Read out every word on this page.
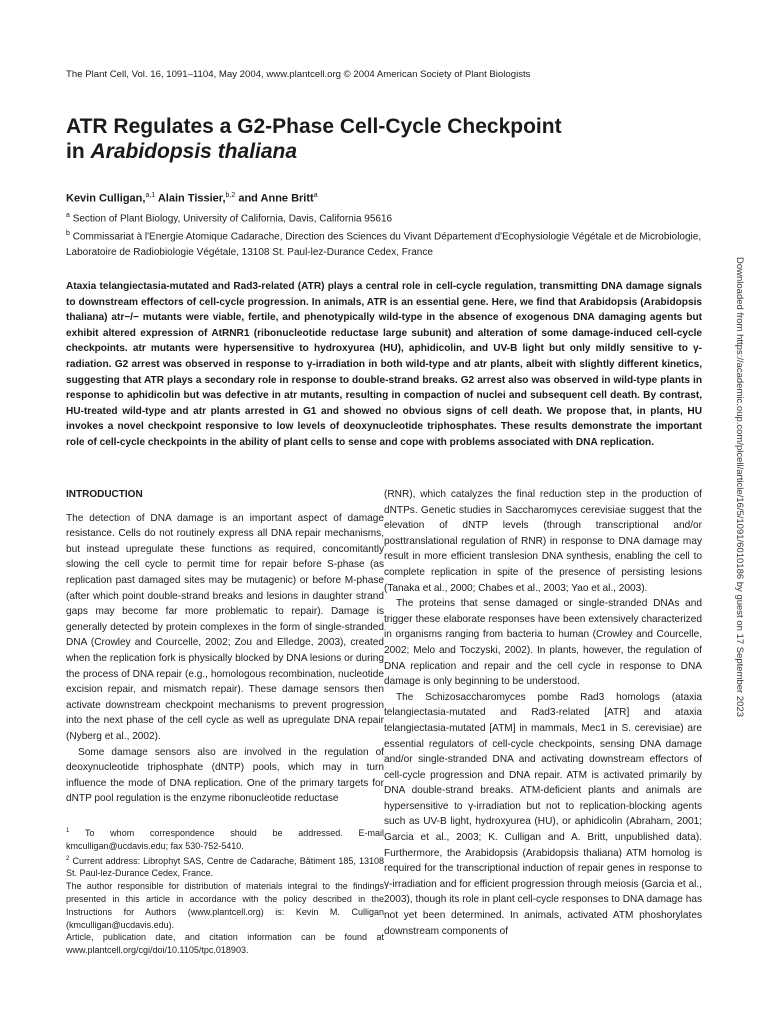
The Plant Cell, Vol. 16, 1091–1104, May 2004, www.plantcell.org © 2004 American Society of Plant Biologists
ATR Regulates a G2-Phase Cell-Cycle Checkpoint
in Arabidopsis thaliana
Kevin Culligan,$^{a,1}$ Alain Tissier,$^{b,2}$ and Anne Britt$^a$
$^a$ Section of Plant Biology, University of California, Davis, California 95616
$^b$ Commissariat à l'Energie Atomique Cadarache, Direction des Sciences du Vivant Département d'Ecophysiologie Végétale et de Microbiologie, Laboratoire de Radiobiologie Végétale, 13108 St. Paul-lez-Durance Cedex, France

Ataxia telangiectasia-mutated and Rad3-related (ATR) plays a central role in cell-cycle regulation, transmitting DNA damage signals to downstream effectors of cell-cycle progression. In animals, ATR is an essential gene. Here, we find that Arabidopsis (Arabidopsis thaliana) atr−/− mutants were viable, fertile, and phenotypically wild-type in the absence of exogenous DNA damaging agents but exhibit altered expression of AtRNR1 (ribonucleotide reductase large subunit) and alteration of some damage-induced cell-cycle checkpoints. atr mutants were hypersensitive to hydroxyurea (HU), aphidicolin, and UV-B light but only mildly sensitive to γ-radiation. G2 arrest was observed in response to γ-irradiation in both wild-type and atr plants, albeit with slightly different kinetics, suggesting that ATR plays a secondary role in response to double-strand breaks. G2 arrest also was observed in wild-type plants in response to aphidicolin but was defective in atr mutants, resulting in compaction of nuclei and subsequent cell death. By contrast, HU-treated wild-type and atr plants arrested in G1 and showed no obvious signs of cell death. We propose that, in plants, HU invokes a novel checkpoint responsive to low levels of deoxynucleotide triphosphates. These results demonstrate the important role of cell-cycle checkpoints in the ability of plant cells to sense and cope with problems associated with DNA replication.

INTRODUCTION

The detection of DNA damage is an important aspect of damage resistance. Cells do not routinely express all DNA repair mechanisms, but instead upregulate these functions as required, concomitantly slowing the cell cycle to permit time for repair before S-phase (as replication past damaged sites may be mutagenic) or before M-phase (after which point double-strand breaks and lesions in daughter strand gaps may become far more problematic to repair). Damage is generally detected by protein complexes in the form of single-stranded DNA (Crowley and Courcelle, 2002; Zou and Elledge, 2003), created when the replication fork is physically blocked by DNA lesions or during the process of DNA repair (e.g., homologous recombination, nucleotide excision repair, and mismatch repair). These damage sensors then activate downstream checkpoint mechanisms to prevent progression into the next phase of the cell cycle as well as upregulate DNA repair (Nyberg et al., 2002).

Some damage sensors also are involved in the regulation of deoxynucleotide triphosphate (dNTP) pools, which may in turn influence the mode of DNA replication. One of the primary targets for dNTP pool regulation is the enzyme ribonucleotide reductase

$^1$ To whom correspondence should be addressed. E-mail kmculligan@ucdavis.edu; fax 530-752-5410.

$^2$ Current address: Librophyt SAS, Centre de Cadarache, Bâtiment 185, 13108 St. Paul-lez-Durance Cedex, France.

The author responsible for distribution of materials integral to the findings presented in this article in accordance with the policy described in the Instructions for Authors (www.plantcell.org) is: Kevin M. Culligan (kmculligan@ucdavis.edu).

Article, publication date, and citation information can be found at www.plantcell.org/cgi/doi/10.1105/tpc.018903.

(RNR), which catalyzes the final reduction step in the production of dNTPs. Genetic studies in Saccharomyces cerevisiae suggest that the elevation of dNTP levels (through transcriptional and/or posttranslational regulation of RNR) in response to DNA damage may result in more efficient translesion DNA synthesis, enabling the cell to complete replication in spite of the presence of persisting lesions (Tanaka et al., 2000; Chabes et al., 2003; Yao et al., 2003).

The proteins that sense damaged or single-stranded DNAs and trigger these elaborate responses have been extensively characterized in organisms ranging from bacteria to human (Crowley and Courcelle, 2002; Melo and Toczyski, 2002). In plants, however, the regulation of DNA replication and repair and the cell cycle in response to DNA damage is only beginning to be understood.

The Schizosaccharomyces pombe Rad3 homologs (ataxia telangiectasia-mutated and Rad3-related [ATR] and ataxia telangiectasia-mutated [ATM] in mammals, Mec1 in S. cerevisiae) are essential regulators of cell-cycle checkpoints, sensing DNA damage and/or single-stranded DNA and activating downstream effectors of cell-cycle progression and DNA repair. ATM is activated primarily by DNA double-strand breaks. ATM-deficient plants and animals are hypersensitive to γ-irradiation but not to replication-blocking agents such as UV-B light, hydroxyurea (HU), or aphidicolin (Abraham, 2001; Garcia et al., 2003; K. Culligan and A. Britt, unpublished data). Furthermore, the Arabidopsis (Arabidopsis thaliana) ATM homolog is required for the transcriptional induction of repair genes in response to γ-irradiation and for efficient progression through meiosis (Garcia et al., 2003), though its role in plant cell-cycle responses to DNA damage has not yet been determined. In animals, activated ATM phoshorylates downstream components of

Downloaded from https://academic.oup.com/plcell/article/16/5/1091/6010186 by guest on 17 September 2023
